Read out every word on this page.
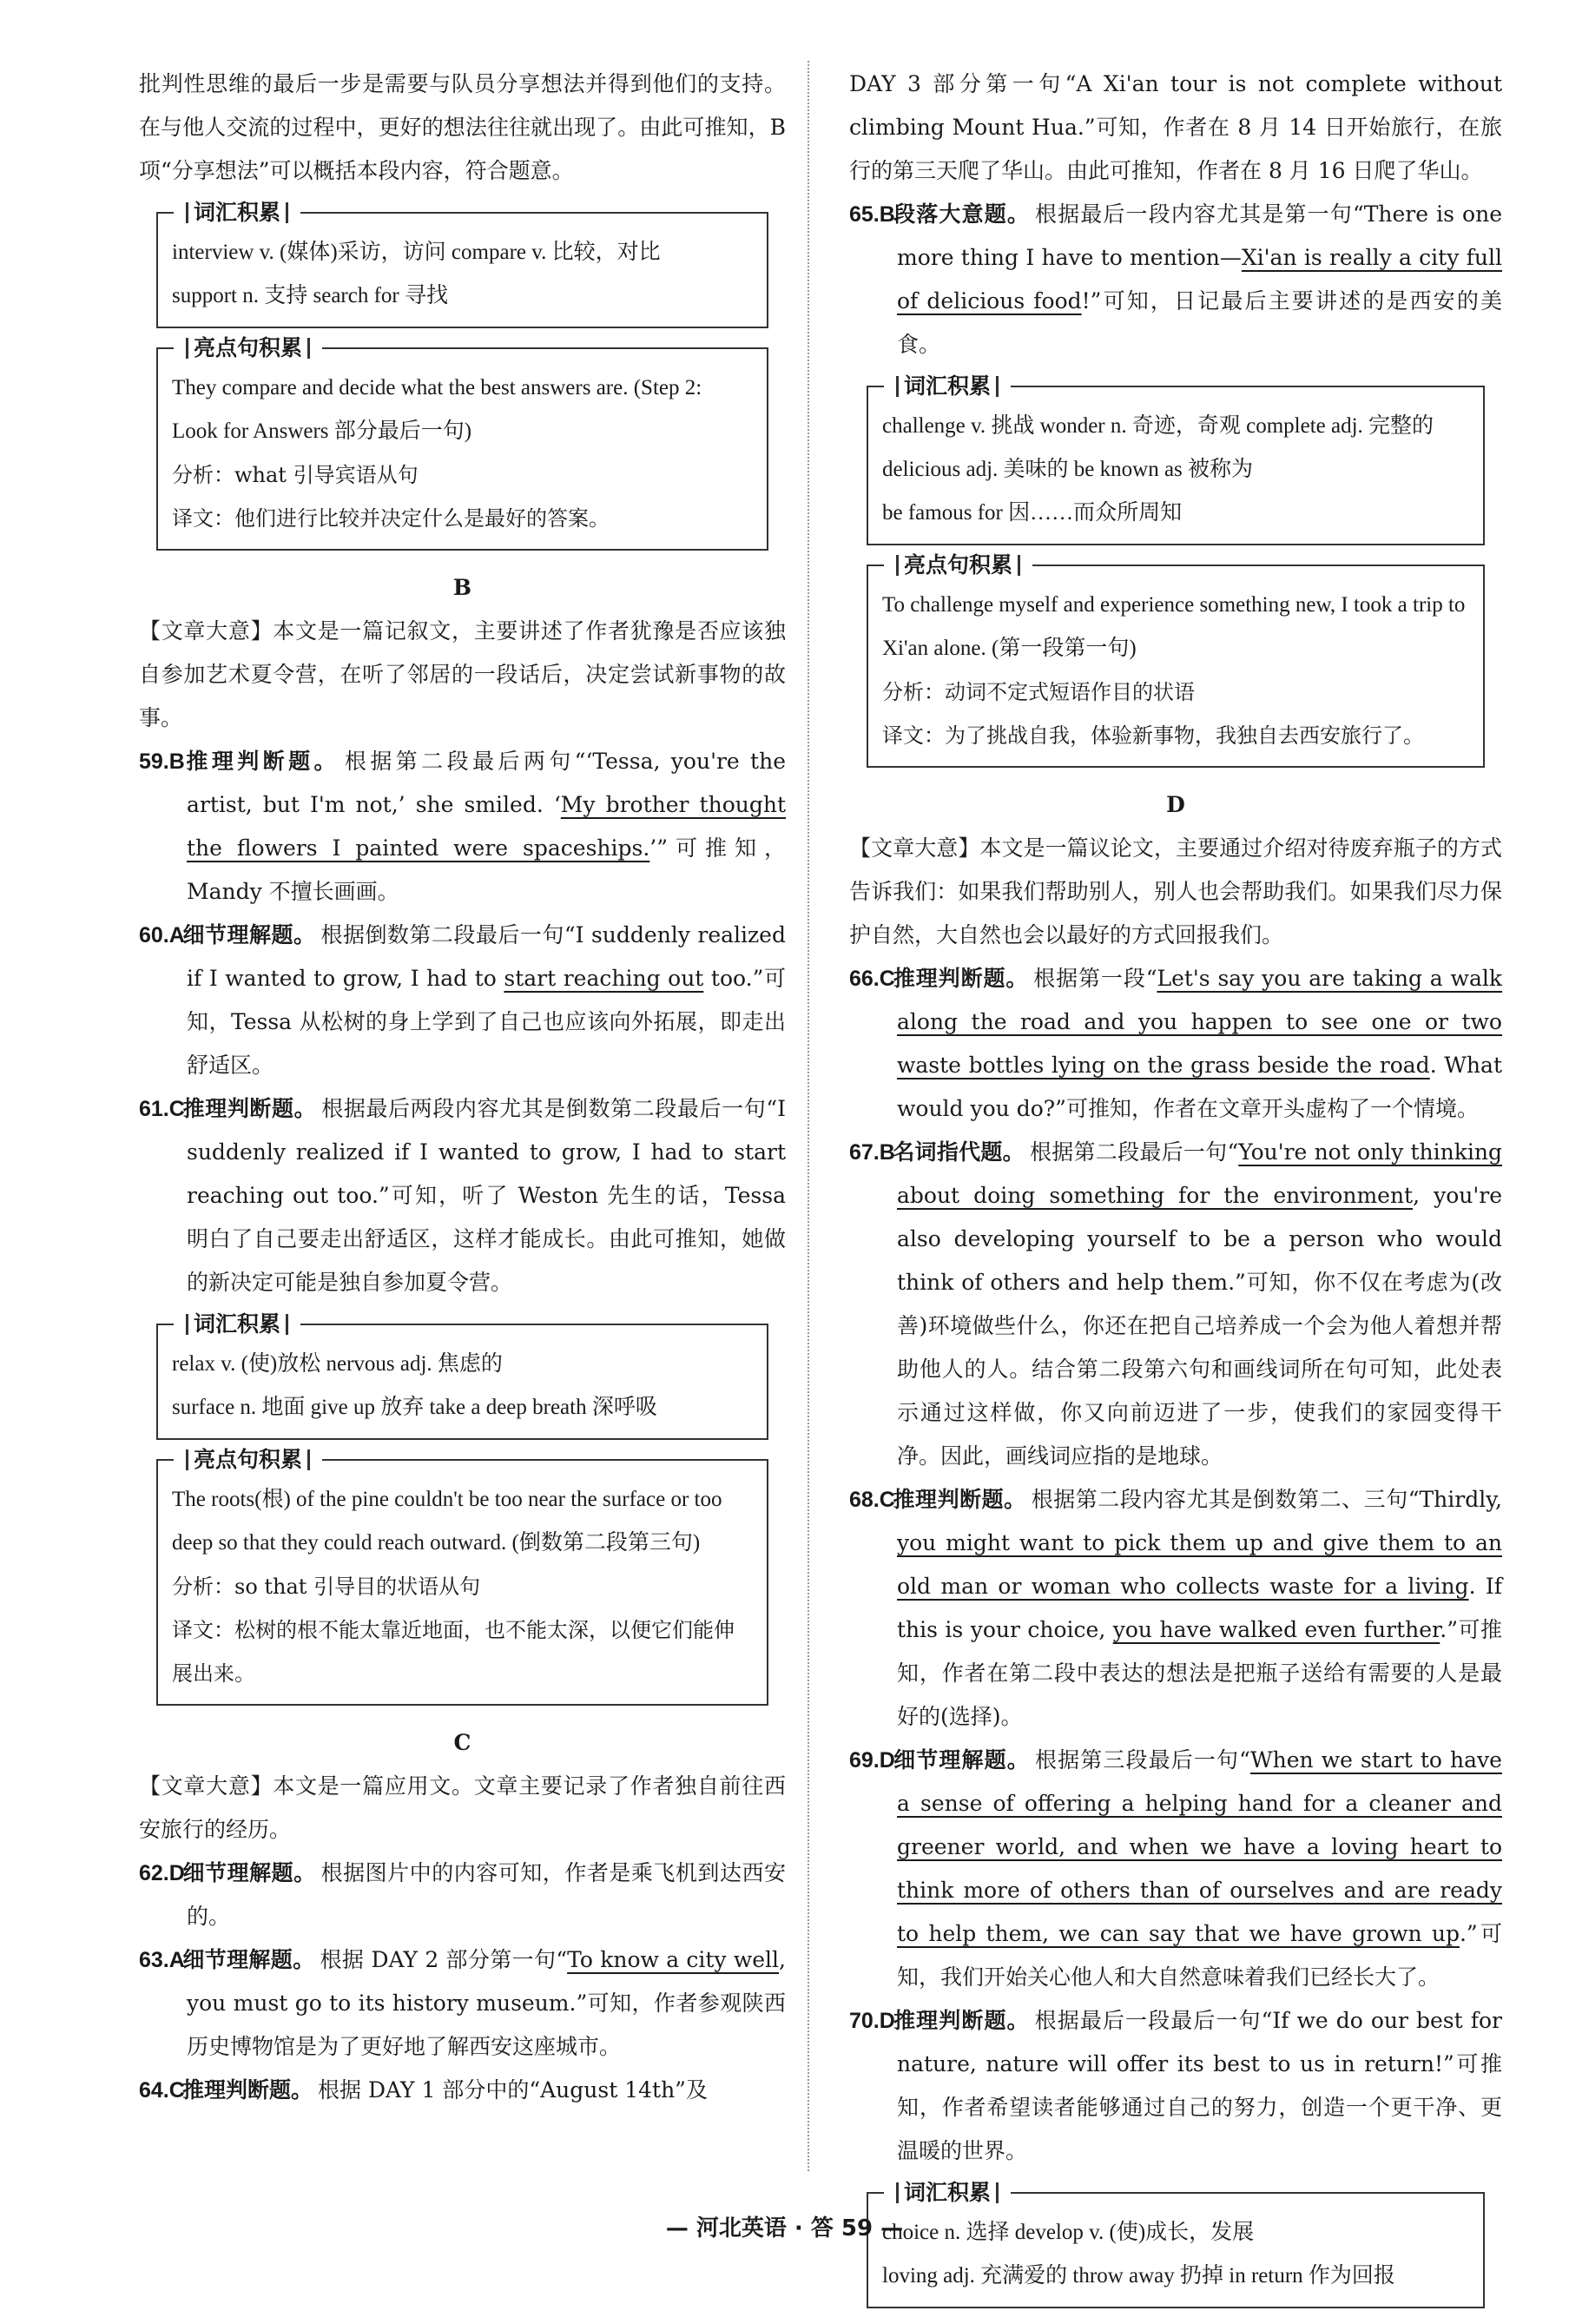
批判性思维的最后一步是需要与队员分享想法并得到他们的支持。在与他人交流的过程中，更好的想法往往就出现了。由此可推知，B项“分享想法”可以概括本段内容，符合题意。

词汇积累
interview v. (媒体)采访，访问 compare v. 比较，对比
support n. 支持 search for 寻找
亮点句积累
They compare and decide what the best answers are. (Step 2: Look for Answers 部分最后一句)
分析：what 引导宾语从句
译文：他们进行比较并决定什么是最好的答案。
B

【文章大意】本文是一篇记叙文，主要讲述了作者犹豫是否应该独自参加艺术夏令营，在听了邻居的一段话后，决定尝试新事物的故事。

59.B推理判断题。 根据第二段最后两句“‘Tessa, you're the artist, but I'm not,’ she smiled. ‘My brother thought the flowers I painted were spaceships.’”可推知，Mandy 不擅长画画。

60.A细节理解题。 根据倒数第二段最后一句“I suddenly realized if I wanted to grow, I had to start reaching out too.”可知，Tessa 从松树的身上学到了自己也应该向外拓展，即走出舒适区。

61.C推理判断题。 根据最后两段内容尤其是倒数第二段最后一句“I suddenly realized if I wanted to grow, I had to start reaching out too.”可知，听了 Weston 先生的话，Tessa 明白了自己要走出舒适区，这样才能成长。由此可推知，她做的新决定可能是独自参加夏令营。

词汇积累
relax v. (使)放松 nervous adj. 焦虑的
surface n. 地面 give up 放弃 take a deep breath 深呼吸
亮点句积累
The roots(根) of the pine couldn't be too near the surface or too deep so that they could reach outward. (倒数第二段第三句)
分析：so that 引导目的状语从句
译文：松树的根不能太靠近地面，也不能太深，以便它们能伸展出来。
C

【文章大意】本文是一篇应用文。文章主要记录了作者独自前往西安旅行的经历。

62.D细节理解题。 根据图片中的内容可知，作者是乘飞机到达西安的。

63.A细节理解题。 根据 DAY 2 部分第一句“To know a city well, you must go to its history museum.”可知，作者参观陕西历史博物馆是为了更好地了解西安这座城市。

64.C推理判断题。 根据 DAY 1 部分中的“August 14th”及

DAY 3 部分第一句“A Xi'an tour is not complete without climbing Mount Hua.”可知，作者在 8 月 14 日开始旅行，在旅行的第三天爬了华山。由此可推知，作者在 8 月 16 日爬了华山。

65.B段落大意题。 根据最后一段内容尤其是第一句“There is one more thing I have to mention—Xi'an is really a city full of delicious food!”可知，日记最后主要讲述的是西安的美食。

词汇积累
challenge v. 挑战 wonder n. 奇迹，奇观 complete adj. 完整的
delicious adj. 美味的 be known as 被称为
be famous for 因……而众所周知
亮点句积累
To challenge myself and experience something new, I took a trip to Xi'an alone. (第一段第一句)
分析：动词不定式短语作目的状语
译文：为了挑战自我，体验新事物，我独自去西安旅行了。
D

【文章大意】本文是一篇议论文，主要通过介绍对待废弃瓶子的方式告诉我们：如果我们帮助别人，别人也会帮助我们。如果我们尽力保护自然，大自然也会以最好的方式回报我们。

66.C推理判断题。 根据第一段“Let's say you are taking a walk along the road and you happen to see one or two waste bottles lying on the grass beside the road. What would you do?”可推知，作者在文章开头虚构了一个情境。

67.B名词指代题。 根据第二段最后一句“You're not only thinking about doing something for the environment, you're also developing yourself to be a person who would think of others and help them.”可知，你不仅在考虑为(改善)环境做些什么，你还在把自己培养成一个会为他人着想并帮助他人的人。结合第二段第六句和画线词所在句可知，此处表示通过这样做，你又向前迈进了一步，使我们的家园变得干净。因此，画线词应指的是地球。

68.C推理判断题。 根据第二段内容尤其是倒数第二、三句“Thirdly, you might want to pick them up and give them to an old man or woman who collects waste for a living. If this is your choice, you have walked even further.”可推知，作者在第二段中表达的想法是把瓶子送给有需要的人是最好的(选择)。

69.D细节理解题。 根据第三段最后一句“When we start to have a sense of offering a helping hand for a cleaner and greener world, and when we have a loving heart to think more of others than of ourselves and are ready to help them, we can say that we have grown up.”可知，我们开始关心他人和大自然意味着我们已经长大了。

70.D推理判断题。 根据最后一段最后一句“If we do our best for nature, nature will offer its best to us in return!”可推知，作者希望读者能够通过自己的努力，创造一个更干净、更温暖的世界。

词汇积累
choice n. 选择 develop v. (使)成长，发展
loving adj. 充满爱的 throw away 扔掉 in return 作为回报
— 河北英语 · 答 59 —
